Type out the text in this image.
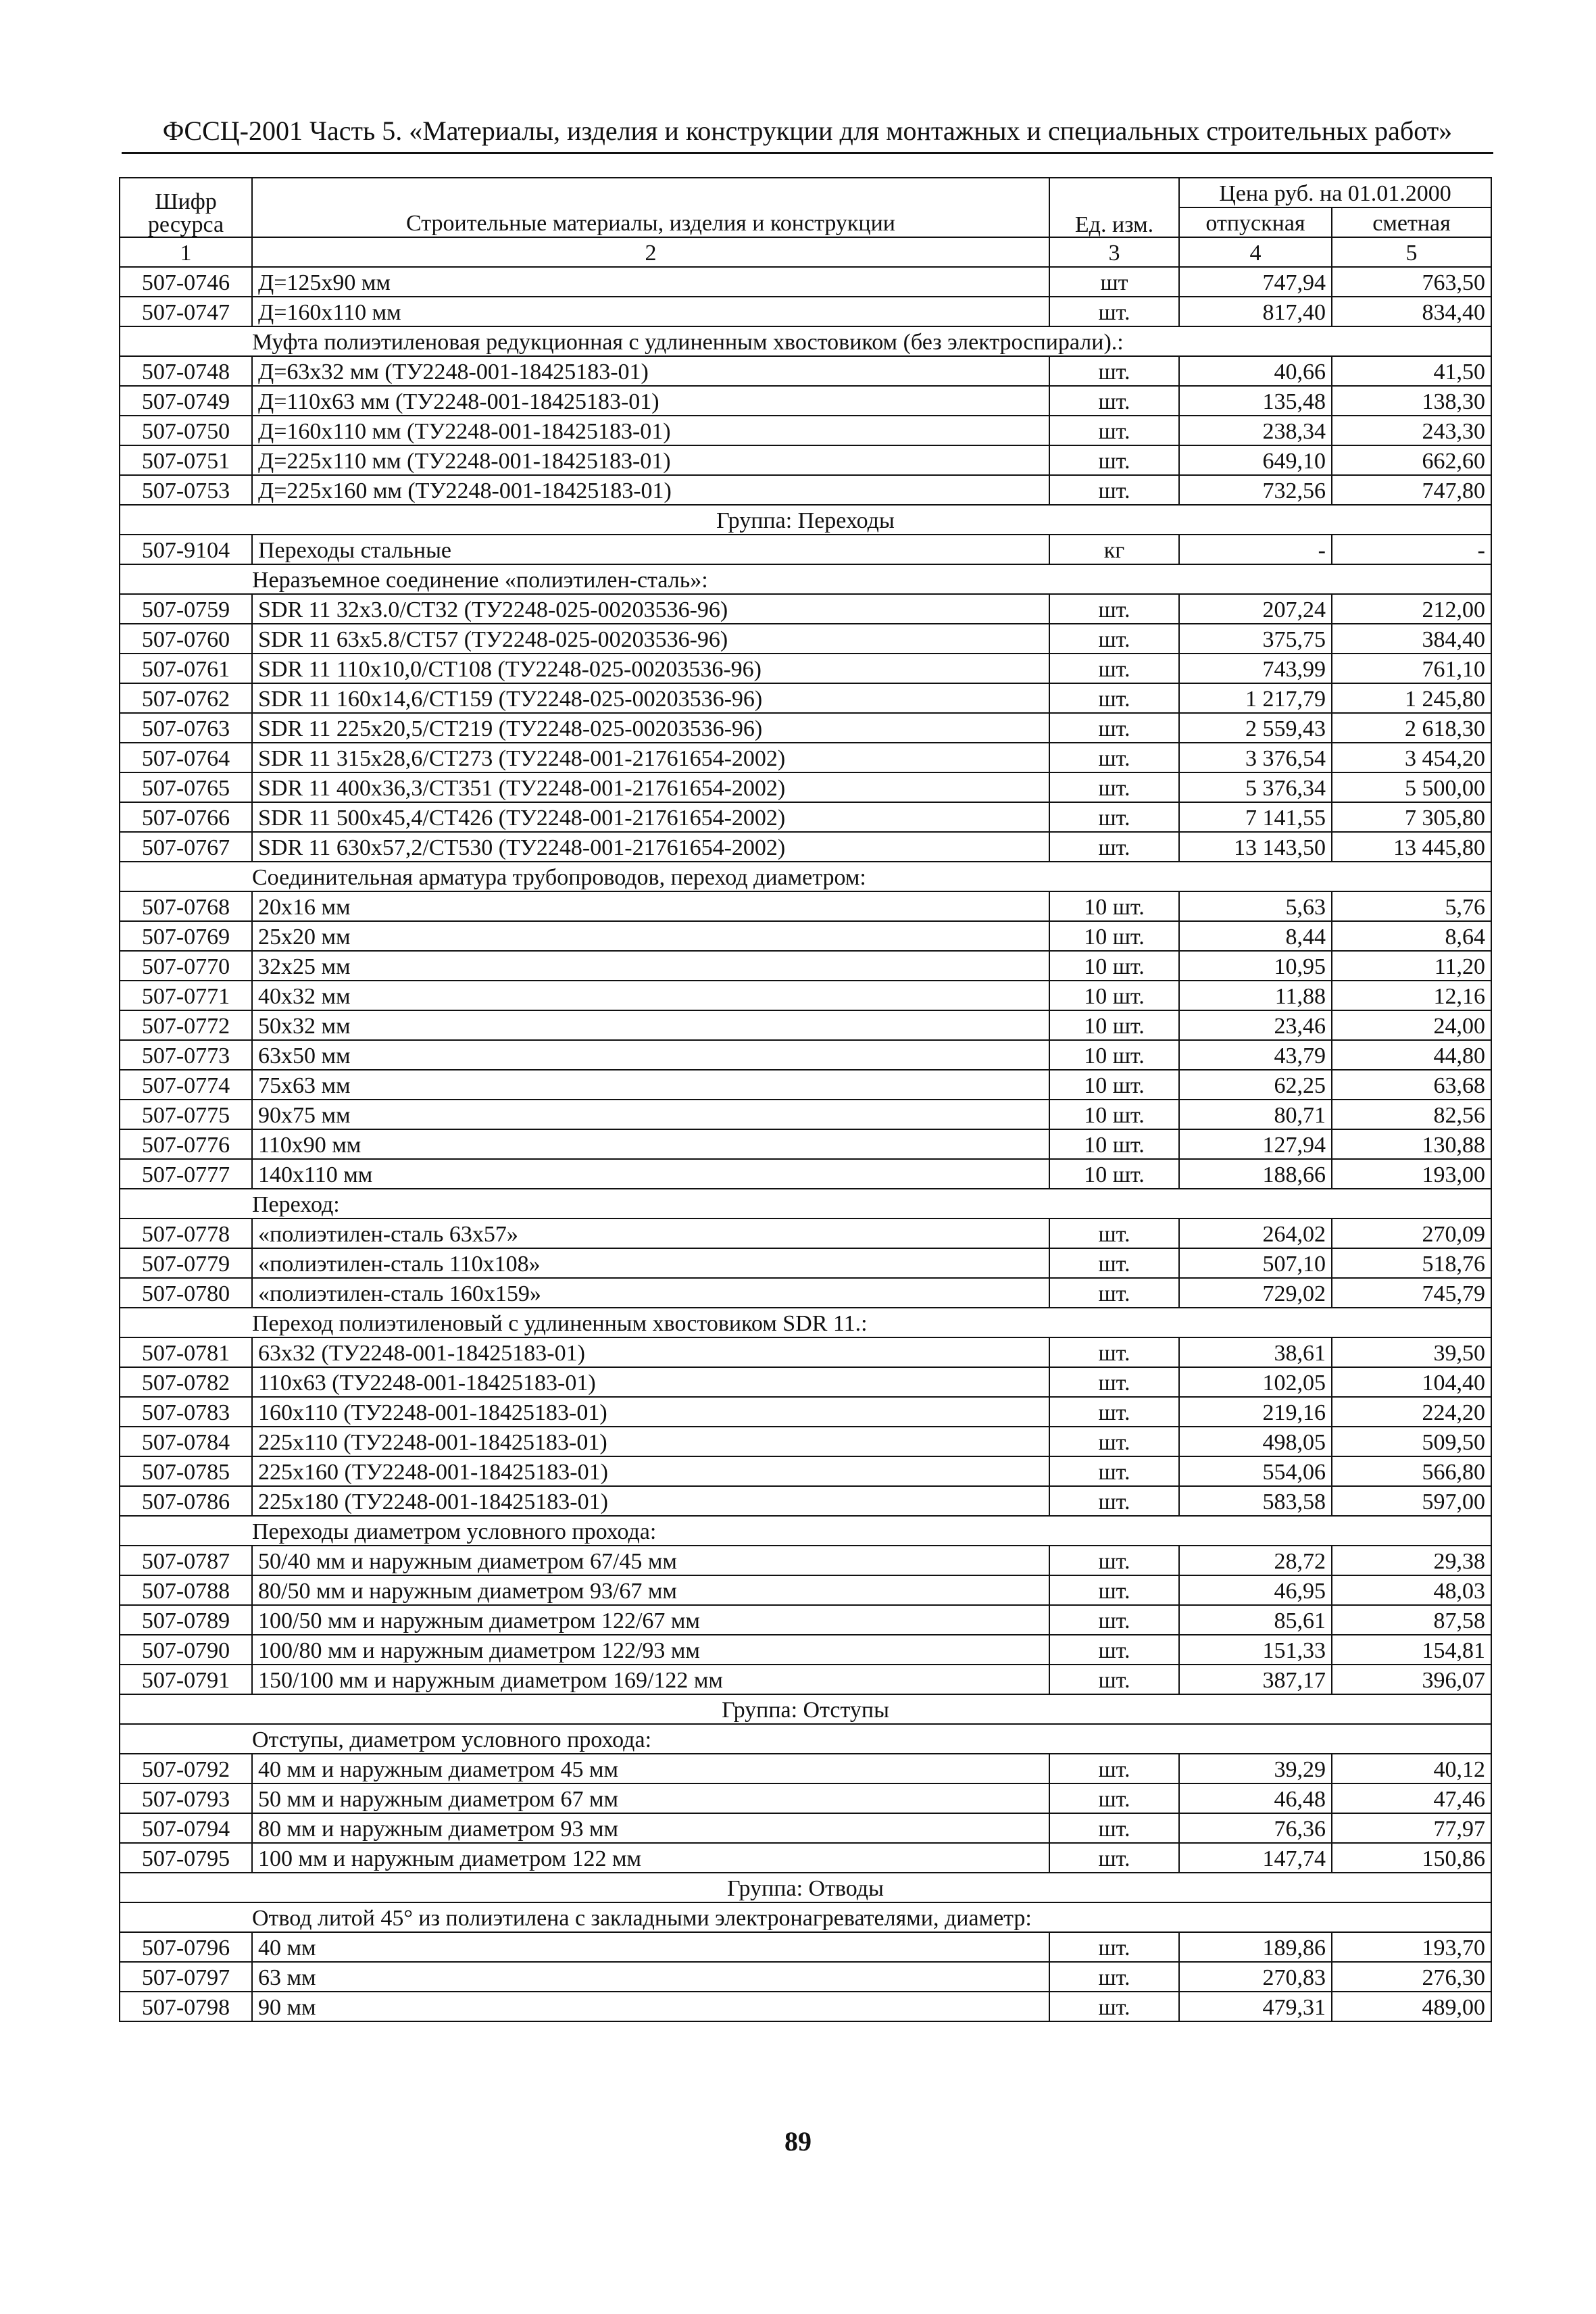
ФССЦ-2001 Часть 5. «Материалы, изделия и конструкции для монтажных и специальных строительных работ»
Шифр ресурса	Строительные материалы, изделия и конструкции	Ед. изм.	Цена руб. на 01.01.2000	
			отпускная	сметная
1	2	3	4	5
507-0746	Д=125х90 мм	шт	747,94	763,50
507-0747	Д=160х110 мм	шт.	817,40	834,40
	Муфта полиэтиленовая редукционная с удлиненным хвостовиком (без электроспирали).:			
507-0748	Д=63х32 мм (ТУ2248-001-18425183-01)	шт.	40,66	41,50
507-0749	Д=110х63 мм (ТУ2248-001-18425183-01)	шт.	135,48	138,30
507-0750	Д=160х110 мм (ТУ2248-001-18425183-01)	шт.	238,34	243,30
507-0751	Д=225х110 мм (ТУ2248-001-18425183-01)	шт.	649,10	662,60
507-0753	Д=225х160 мм (ТУ2248-001-18425183-01)	шт.	732,56	747,80
Группа: Переходы				
507-9104	Переходы стальные	кг	-	-
	Неразъемное соединение «полиэтилен-сталь»:			
507-0759	SDR 11 32х3.0/СТ32 (ТУ2248-025-00203536-96)	шт.	207,24	212,00
507-0760	SDR 11 63х5.8/СТ57 (ТУ2248-025-00203536-96)	шт.	375,75	384,40
507-0761	SDR 11 110х10,0/СТ108 (ТУ2248-025-00203536-96)	шт.	743,99	761,10
507-0762	SDR 11 160х14,6/СТ159 (ТУ2248-025-00203536-96)	шт.	1 217,79	1 245,80
507-0763	SDR 11 225х20,5/СТ219 (ТУ2248-025-00203536-96)	шт.	2 559,43	2 618,30
507-0764	SDR 11 315х28,6/СТ273 (ТУ2248-001-21761654-2002)	шт.	3 376,54	3 454,20
507-0765	SDR 11 400х36,3/СТ351 (ТУ2248-001-21761654-2002)	шт.	5 376,34	5 500,00
507-0766	SDR 11 500х45,4/СТ426 (ТУ2248-001-21761654-2002)	шт.	7 141,55	7 305,80
507-0767	SDR 11 630х57,2/СТ530 (ТУ2248-001-21761654-2002)	шт.	13 143,50	13 445,80
	Соединительная арматура трубопроводов, переход диаметром:			
507-0768	20х16 мм	10 шт.	5,63	5,76
507-0769	25х20 мм	10 шт.	8,44	8,64
507-0770	32х25 мм	10 шт.	10,95	11,20
507-0771	40х32 мм	10 шт.	11,88	12,16
507-0772	50х32 мм	10 шт.	23,46	24,00
507-0773	63х50 мм	10 шт.	43,79	44,80
507-0774	75х63 мм	10 шт.	62,25	63,68
507-0775	90х75 мм	10 шт.	80,71	82,56
507-0776	110х90 мм	10 шт.	127,94	130,88
507-0777	140х110 мм	10 шт.	188,66	193,00
	Переход:			
507-0778	«полиэтилен-сталь 63х57»	шт.	264,02	270,09
507-0779	«полиэтилен-сталь 110х108»	шт.	507,10	518,76
507-0780	«полиэтилен-сталь 160х159»	шт.	729,02	745,79
	Переход полиэтиленовый с удлиненным хвостовиком SDR 11.:			
507-0781	63х32 (ТУ2248-001-18425183-01)	шт.	38,61	39,50
507-0782	110х63 (ТУ2248-001-18425183-01)	шт.	102,05	104,40
507-0783	160х110 (ТУ2248-001-18425183-01)	шт.	219,16	224,20
507-0784	225х110 (ТУ2248-001-18425183-01)	шт.	498,05	509,50
507-0785	225х160 (ТУ2248-001-18425183-01)	шт.	554,06	566,80
507-0786	225х180 (ТУ2248-001-18425183-01)	шт.	583,58	597,00
	Переходы диаметром условного прохода:			
507-0787	50/40 мм и наружным диаметром 67/45 мм	шт.	28,72	29,38
507-0788	80/50 мм и наружным диаметром 93/67 мм	шт.	46,95	48,03
507-0789	100/50 мм и наружным диаметром 122/67 мм	шт.	85,61	87,58
507-0790	100/80 мм и наружным диаметром 122/93 мм	шт.	151,33	154,81
507-0791	150/100 мм и наружным диаметром 169/122 мм	шт.	387,17	396,07
Группа: Отступы				
	Отступы, диаметром условного прохода:			
507-0792	40 мм и наружным диаметром 45 мм	шт.	39,29	40,12
507-0793	50 мм и наружным диаметром 67 мм	шт.	46,48	47,46
507-0794	80 мм и наружным диаметром 93 мм	шт.	76,36	77,97
507-0795	100 мм и наружным диаметром 122 мм	шт.	147,74	150,86
Группа: Отводы				
	Отвод литой 45° из полиэтилена с закладными электронагревателями, диаметр:			
507-0796	40 мм	шт.	189,86	193,70
507-0797	63 мм	шт.	270,83	276,30
507-0798	90 мм	шт.	479,31	489,00
89
